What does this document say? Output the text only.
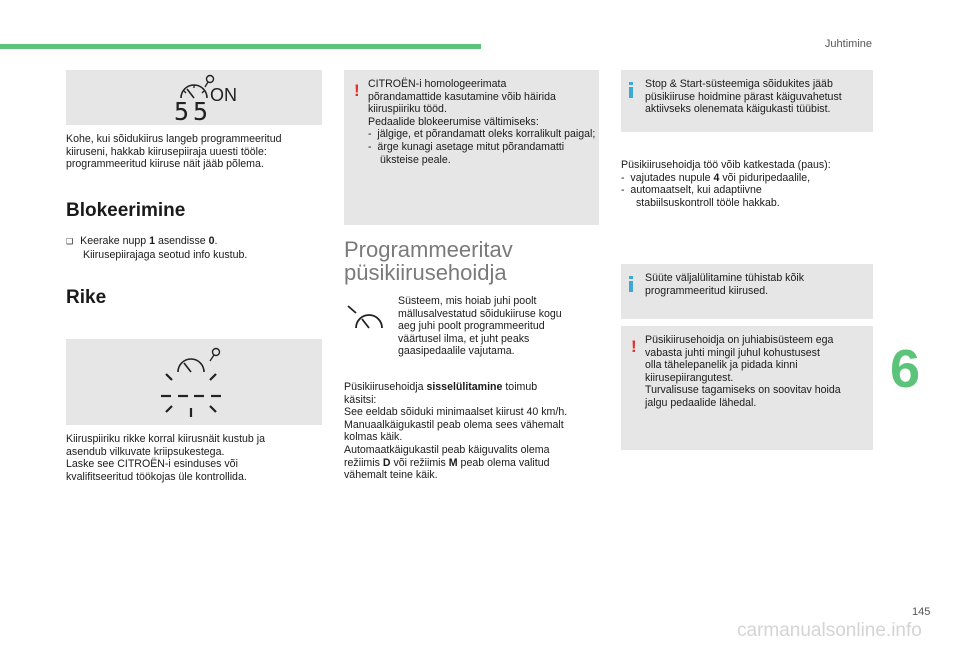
Juhtimine
ON
55
Kohe, kui sõidukiirus langeb programmeeritud
kiiruseni, hakkab kiirusepiiraja uuesti tööle:
programmeeritud kiiruse näit jääb põlema.
Blokeerimine
❑ Keerake nupp 1 asendisse 0.
Kiirusepiirajaga seotud info kustub.
Rike
Kiiruspiiriku rikke korral kiirusnäit kustub ja
asendub vilkuvate kriipsukestega.
Laske see CITROËN-i esinduses või
kvalifitseeritud töökojas üle kontrollida.
! CITROËN-i homologeerimata
põrandamattide kasutamine võib häirida
kiiruspiiriku tööd.
Pedaalide blokeerumise vältimiseks:
-  jälgige, et põrandamatt oleks korralikult paigal;
-  ärge kunagi asetage mitut põrandamatti üksteise peale.
Programmeeritav
püsikiirusehoidja
Süsteem, mis hoiab juhi poolt
mällusalvestatud sõidukiiruse kogu
aeg juhi poolt programmeeritud
väärtusel ilma, et juht peaks
gaasipedaalile vajutama.
Püsikiirusehoidja sisselülitamine toimub
käsitsi:
See eeldab sõiduki minimaalset kiirust 40 km/h.
Manuaalkäigukastil peab olema sees vähemalt
kolmas käik.
Automaatkäigukastil peab käiguvalits olema
režiimis D või režiimis M peab olema valitud
vähemalt teine käik.
Stop & Start-süsteemiga sõidukites jääb
püsikiiruse hoidmine pärast käiguvahetust
aktiivseks olenemata käigukasti tüübist.
Püsikiirusehoidja töö võib katkestada (paus):
-  vajutades nupule 4 või piduripedaalile,
-  automaatselt, kui adaptiivne
stabiilsuskontroll tööle hakkab.
Süüte väljalülitamine tühistab kõik
programmeeritud kiirused.
! Püsikiirusehoidja on juhiabisüsteem ega
vabasta juhti mingil juhul kohustusest
olla tähelepanelik ja pidada kinni
kiirusepiirangutest.
Turvalisuse tagamiseks on soovitav hoida
jalgu pedaalide lähedal.
6
145
carmanualsonline.info
